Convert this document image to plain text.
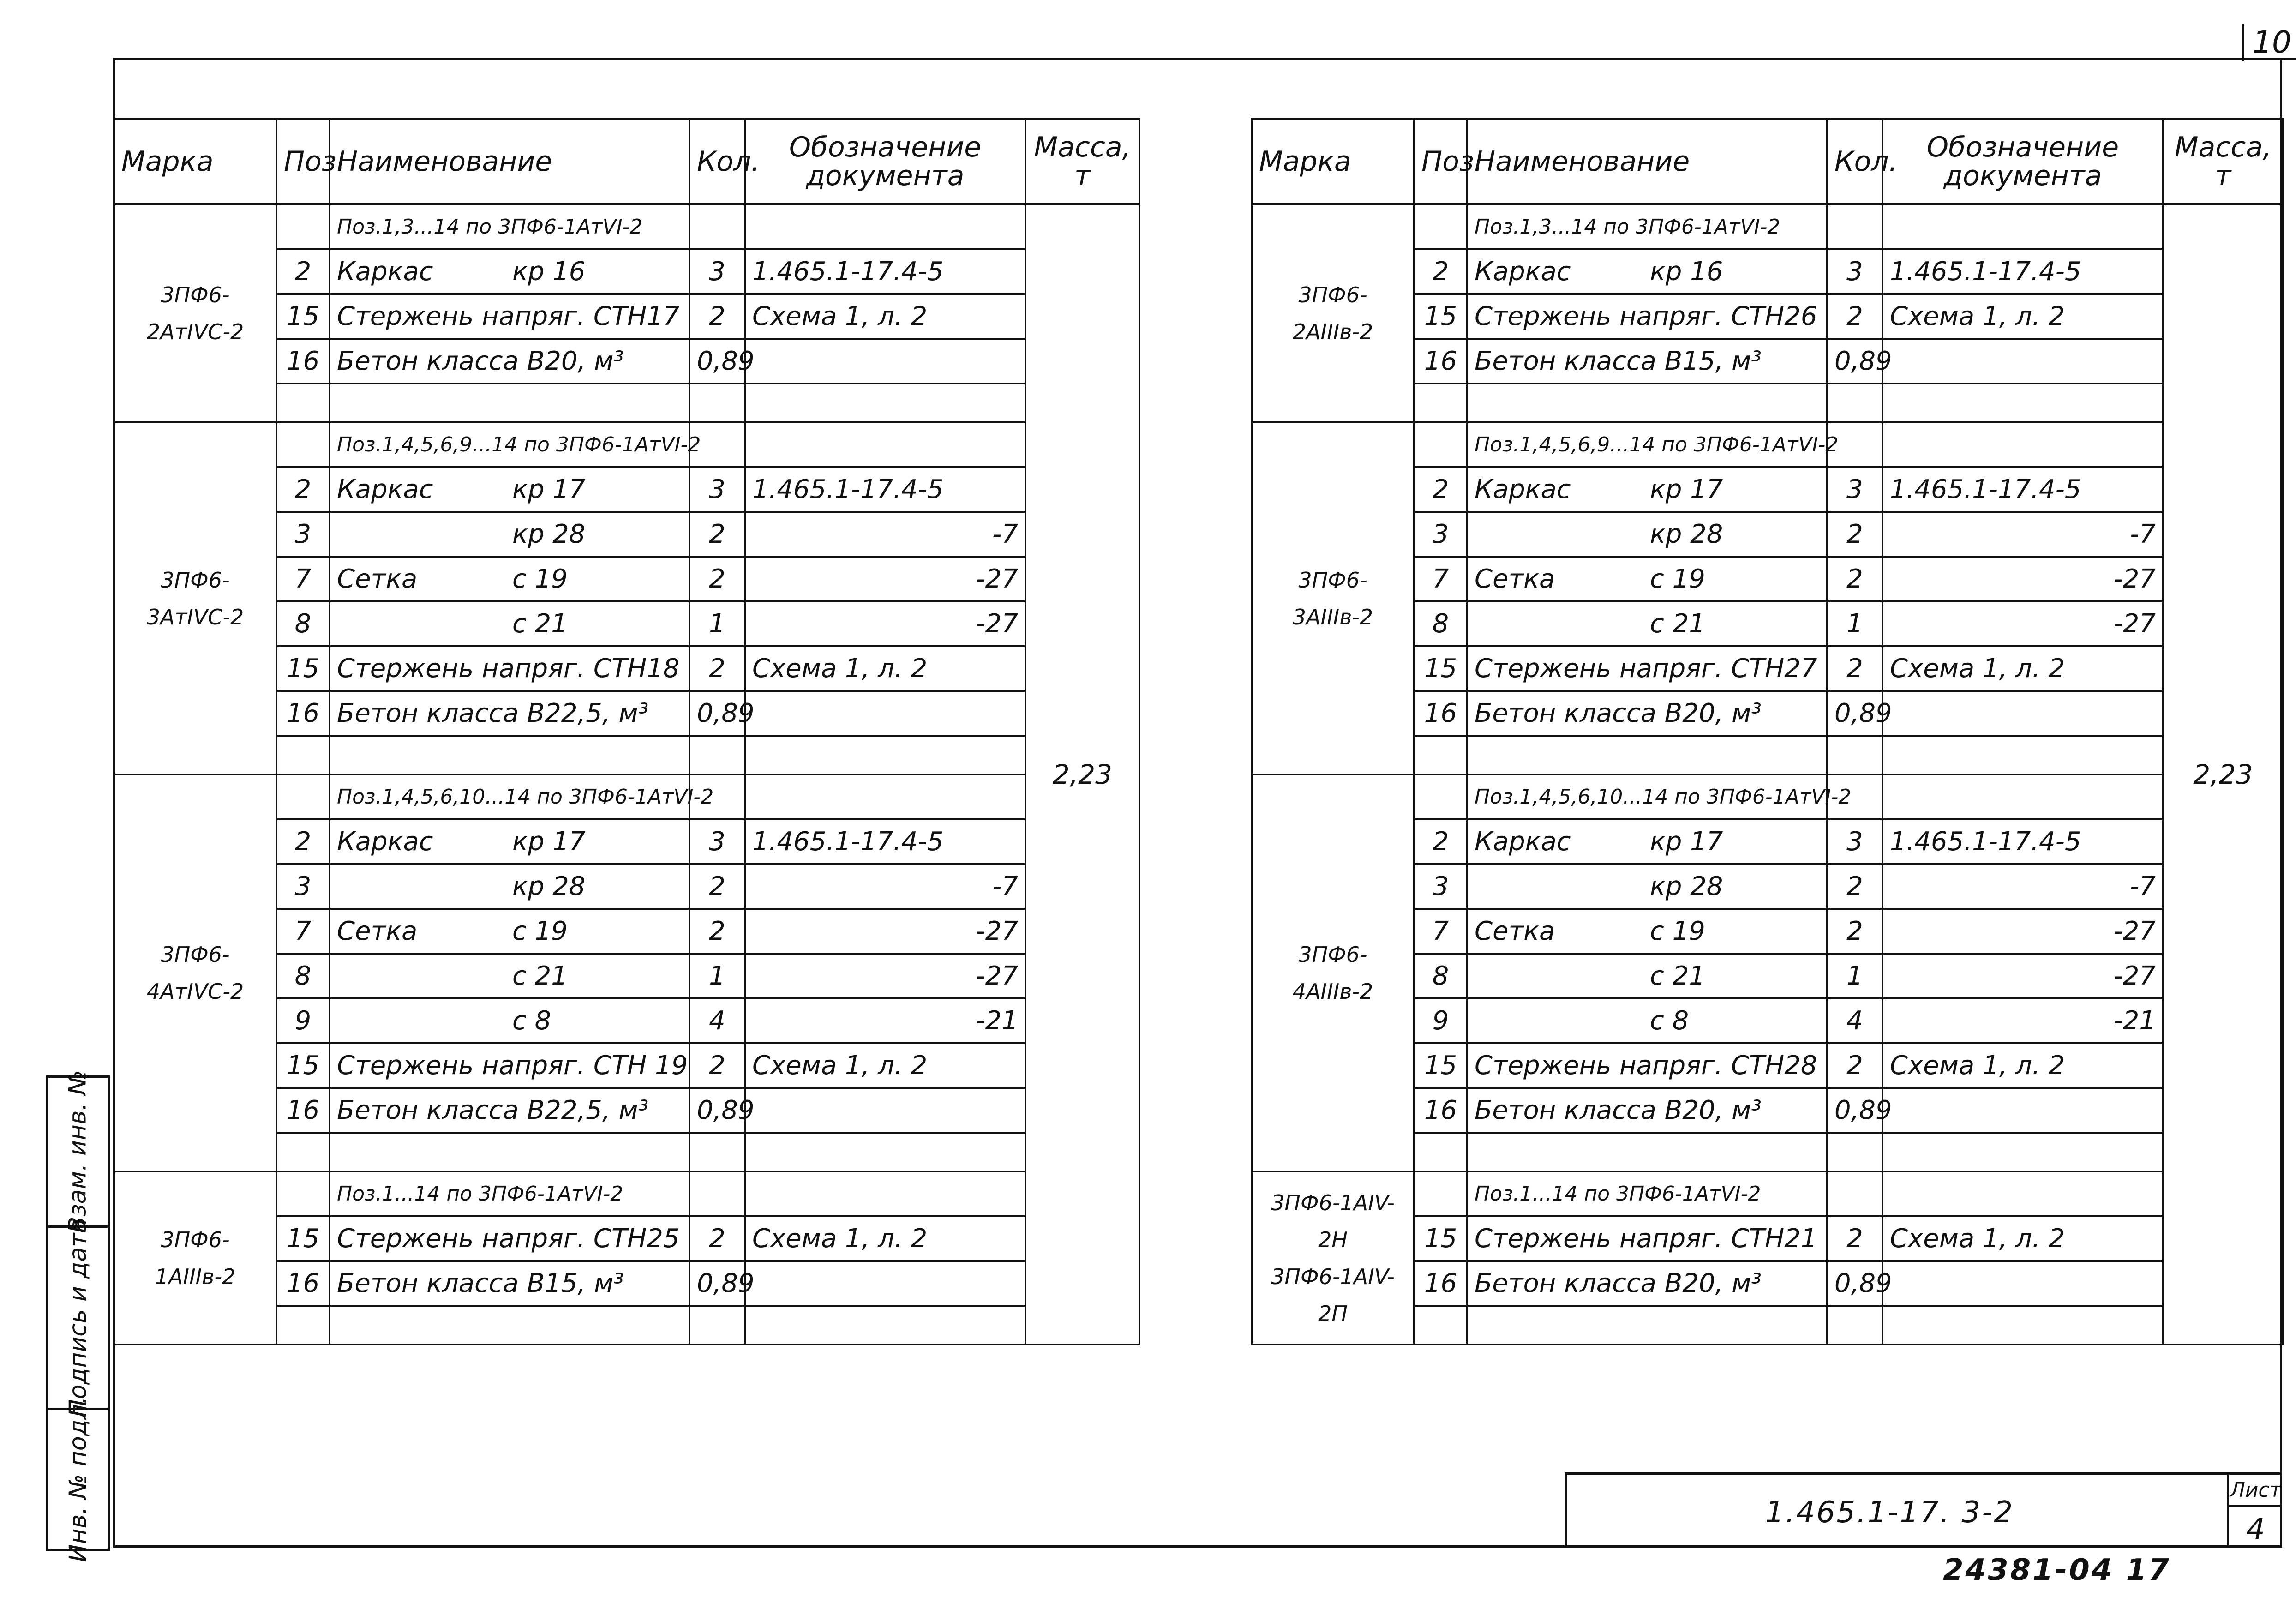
10
Марка	Поз.	Наименование	Кол.	Обозначение документа	Масса, т
3ПФ6-2АтIVС-2		Поз.1,3...14 по 3ПФ6-1АтVI-2			2,23
	2	Каркас кр 16	3	1.465.1-17.4-5	
	15	Стержень напряг. СТН17	2	Схема 1, л. 2	
	16	Бетон класса В20, м³	0,89		

3ПФ6-3АтIVС-2		Поз.1,4,5,6,9...14 по 3ПФ6-1АтVI-2			
	2	Каркас кр 17	3	1.465.1-17.4-5	
	3	кр 28	2	-7	
	7	Сетка с 19	2	-27	
	8	с 21	1	-27	
	15	Стержень напряг. СТН18	2	Схема 1, л. 2	
	16	Бетон класса В22,5, м³	0,89		

3ПФ6-4АтIVС-2		Поз.1,4,5,6,10...14 по 3ПФ6-1АтVI-2			
	2	Каркас кр 17	3	1.465.1-17.4-5	
	3	кр 28	2	-7	
	7	Сетка с 19	2	-27	
	8	с 21	1	-27	
	9	с 8	4	-21	
	15	Стержень напряг. СТН 19	2	Схема 1, л. 2	
	16	Бетон класса В22,5, м³	0,89		

3ПФ6-1АIIIв-2		Поз.1...14 по 3ПФ6-1АтVI-2			
	15	Стержень напряг. СТН25	2	Схема 1, л. 2	
	16	Бетон класса В15, м³	0,89		

Марка	Поз.	Наименование	Кол.	Обозначение документа	Масса, т
3ПФ6-2АIIIв-2		Поз.1,3...14 по 3ПФ6-1АтVI-2			2,23
	2	Каркас кр 16	3	1.465.1-17.4-5	
	15	Стержень напряг. СТН26	2	Схема 1, л. 2	
	16	Бетон класса В15, м³	0,89		

3ПФ6-3АIIIв-2		Поз.1,4,5,6,9...14 по 3ПФ6-1АтVI-2			
	2	Каркас кр 17	3	1.465.1-17.4-5	
	3	кр 28	2	-7	
	7	Сетка с 19	2	-27	
	8	с 21	1	-27	
	15	Стержень напряг. СТН27	2	Схема 1, л. 2	
	16	Бетон класса В20, м³	0,89		

3ПФ6-4АIIIв-2		Поз.1,4,5,6,10...14 по 3ПФ6-1АтVI-2			
	2	Каркас кр 17	3	1.465.1-17.4-5	
	3	кр 28	2	-7	
	7	Сетка с 19	2	-27	
	8	с 21	1	-27	
	9	с 8	4	-21	
	15	Стержень напряг. СТН28	2	Схема 1, л. 2	
	16	Бетон класса В20, м³	0,89		

3ПФ6-1АIV-2Н
3ПФ6-1АIV-2П		Поз.1...14 по 3ПФ6-1АтVI-2			
	15	Стержень напряг. СТН21	2	Схема 1, л. 2	
	16	Бетон класса В20, м³	0,89		

Взам. инв. №
Подпись и дата
Инв. № подл.	1.465.1-17. 3-2
Лист
4
24381-04 17
